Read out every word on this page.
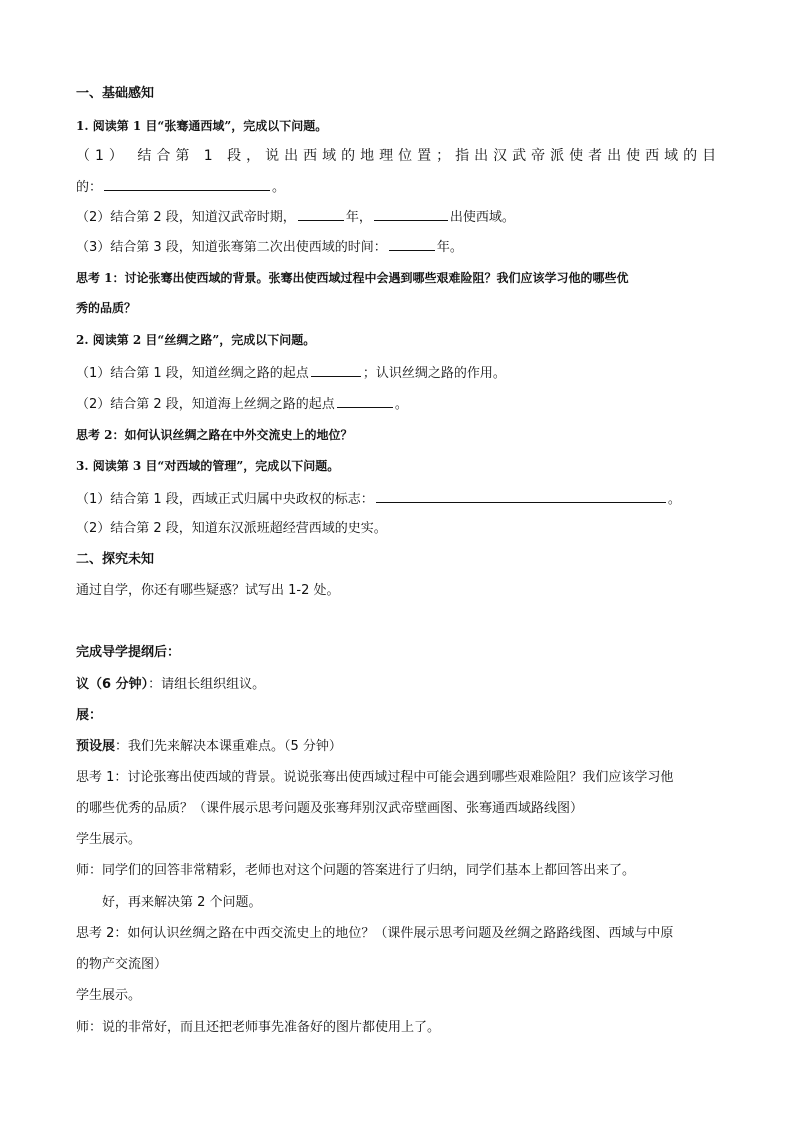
一、基础感知
1. 阅读第 1 目“张骞通西域”，完成以下问题。
（1） 结合第 1 段，说出西域的地理位置；指出汉武帝派使者出使西域的目
的：	。
（2）结合第 2 段，知道汉武帝时期，	年，	出使西域。
（3）结合第 3 段，知道张骞第二次出使西域的时间：	年。
思考 1：讨论张骞出使西域的背景。张骞出使西域过程中会遇到哪些艰难险阻？我们应该学习他的哪些优
秀的品质？
2. 阅读第 2 目“丝绸之路”，完成以下问题。
（1）结合第 1 段，知道丝绸之路的起点	；认识丝绸之路的作用。
（2）结合第 2 段，知道海上丝绸之路的起点	。
思考 2：如何认识丝绸之路在中外交流史上的地位？
3. 阅读第 3 目“对西域的管理”，完成以下问题。
（1）结合第 1 段，西域正式归属中央政权的标志：	。
（2）结合第 2 段，知道东汉派班超经营西域的史实。
二、探究未知
通过自学，你还有哪些疑惑？试写出 1-2 处。
完成导学提纲后：
议（6 分钟）：请组长组织组议。
展：
预设展：我们先来解决本课重难点。（5 分钟）
思考 1：讨论张骞出使西域的背景。说说张骞出使西域过程中可能会遇到哪些艰难险阻？我们应该学习他
的哪些优秀的品质？（课件展示思考问题及张骞拜别汉武帝壁画图、张骞通西域路线图）
学生展示。
师：同学们的回答非常精彩，老师也对这个问题的答案进行了归纳，同学们基本上都回答出来了。
好，再来解决第 2 个问题。
思考 2：如何认识丝绸之路在中西交流史上的地位？（课件展示思考问题及丝绸之路路线图、西域与中原
的物产交流图）
学生展示。
师：说的非常好，而且还把老师事先准备好的图片都使用上了。
